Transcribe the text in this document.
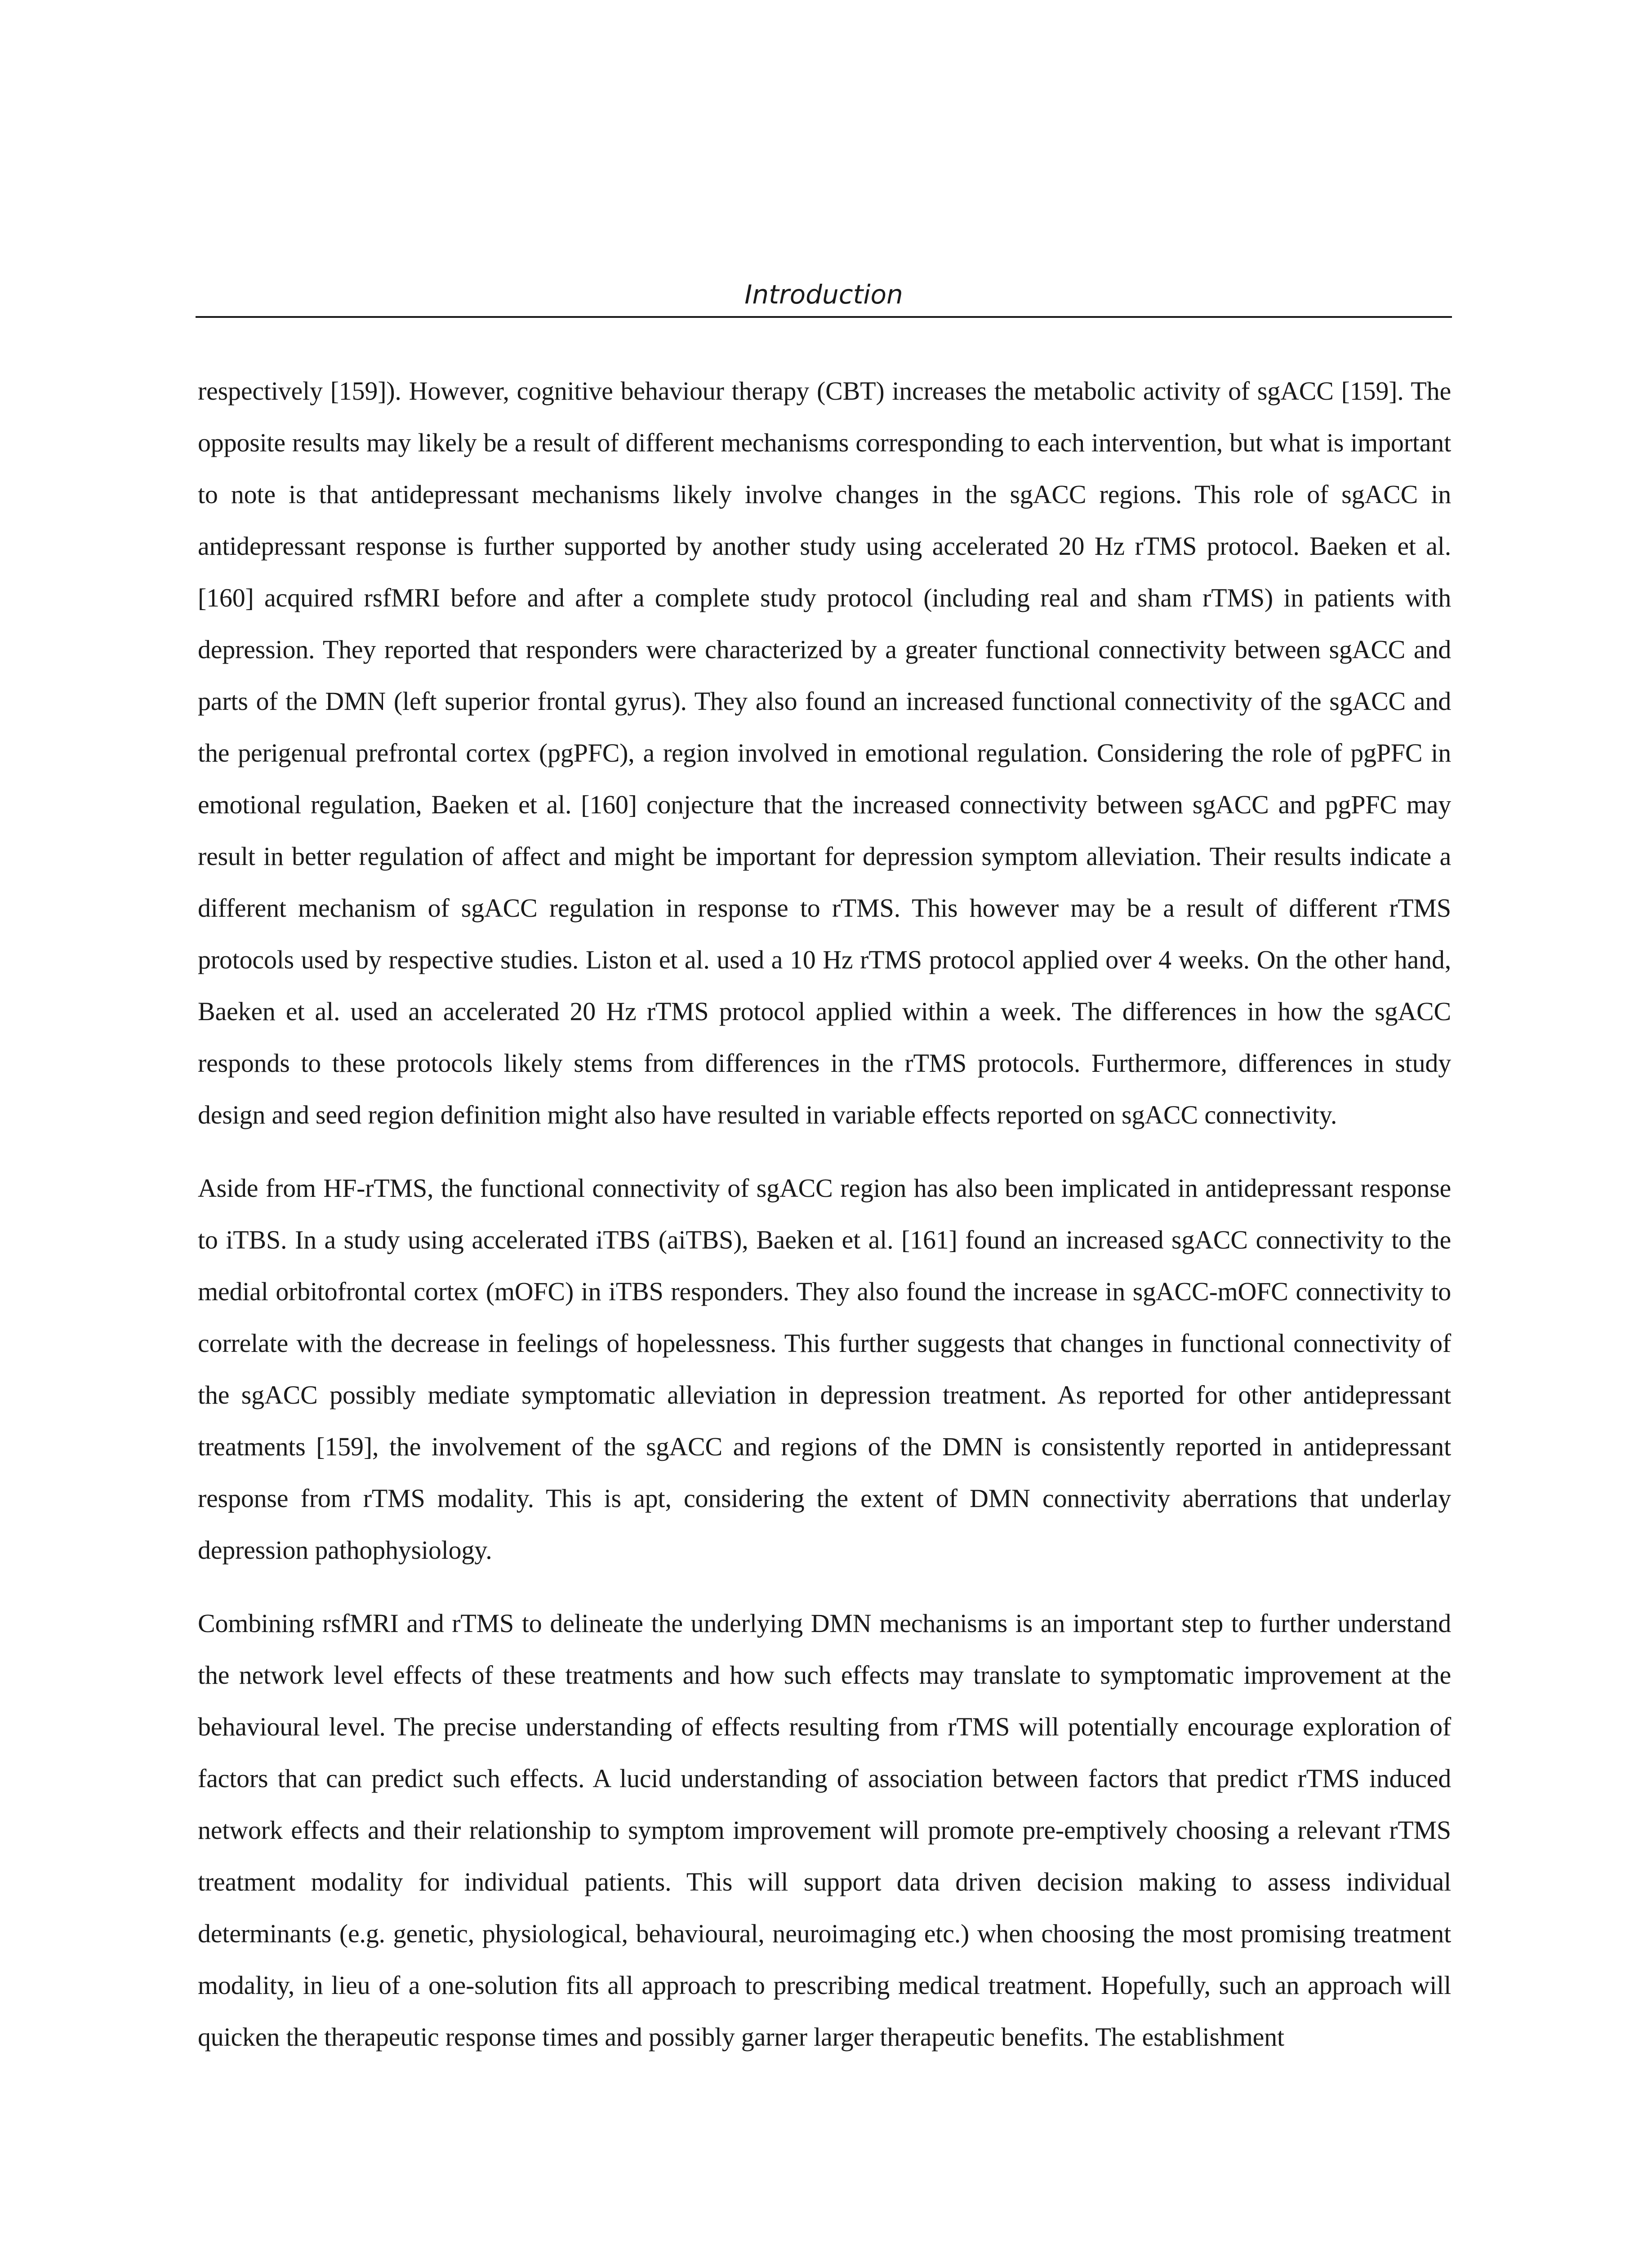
Introduction

respectively [159]). However, cognitive behaviour therapy (CBT) increases the metabolic activity of sgACC [159]. The opposite results may likely be a result of different mechanisms corresponding to each intervention, but what is important to note is that antidepressant mechanisms likely involve changes in the sgACC regions. This role of sgACC in antidepressant response is further supported by another study using accelerated 20 Hz rTMS protocol. Baeken et al. [160] acquired rsfMRI before and after a complete study protocol (including real and sham rTMS) in patients with depression. They reported that responders were characterized by a greater functional connectivity between sgACC and parts of the DMN (left superior frontal gyrus). They also found an increased functional connectivity of the sgACC and the perigenual prefrontal cortex (pgPFC), a region involved in emotional regulation. Considering the role of pgPFC in emotional regulation, Baeken et al. [160] conjecture that the increased connectivity between sgACC and pgPFC may result in better regulation of affect and might be important for depression symptom alleviation. Their results indicate a different mechanism of sgACC regulation in response to rTMS. This however may be a result of different rTMS protocols used by respective studies. Liston et al. used a 10 Hz rTMS protocol applied over 4 weeks. On the other hand, Baeken et al. used an accelerated 20 Hz rTMS protocol applied within a week. The differences in how the sgACC responds to these protocols likely stems from differences in the rTMS protocols. Furthermore, differences in study design and seed region definition might also have resulted in variable effects reported on sgACC connectivity.

Aside from HF-rTMS, the functional connectivity of sgACC region has also been implicated in antidepressant response to iTBS. In a study using accelerated iTBS (aiTBS), Baeken et al. [161] found an increased sgACC connectivity to the medial orbitofrontal cortex (mOFC) in iTBS responders. They also found the increase in sgACC-mOFC connectivity to correlate with the decrease in feelings of hopelessness. This further suggests that changes in functional connectivity of the sgACC possibly mediate symptomatic alleviation in depression treatment. As reported for other antidepressant treatments [159], the involvement of the sgACC and regions of the DMN is consistently reported in antidepressant response from rTMS modality. This is apt, considering the extent of DMN connectivity aberrations that underlay depression pathophysiology.

Combining rsfMRI and rTMS to delineate the underlying DMN mechanisms is an important step to further understand the network level effects of these treatments and how such effects may translate to symptomatic improvement at the behavioural level. The precise understanding of effects resulting from rTMS will potentially encourage exploration of factors that can predict such effects. A lucid understanding of association between factors that predict rTMS induced network effects and their relationship to symptom improvement will promote pre-emptively choosing a relevant rTMS treatment modality for individual patients. This will support data driven decision making to assess individual determinants (e.g. genetic, physiological, behavioural, neuroimaging etc.) when choosing the most promising treatment modality, in lieu of a one-solution fits all approach to prescribing medical treatment. Hopefully, such an approach will quicken the therapeutic response times and possibly garner larger therapeutic benefits. The establishment
